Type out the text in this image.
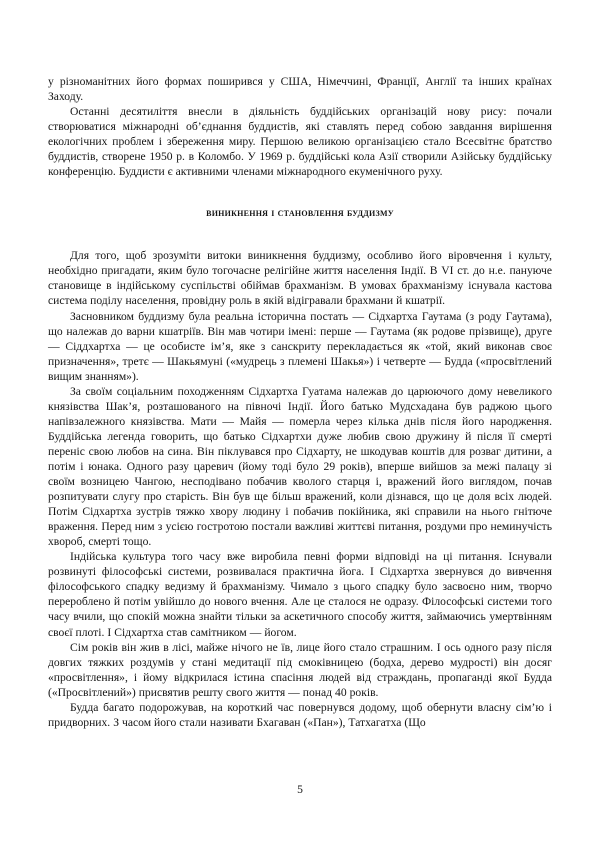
у різноманітних його формах поширився у США, Німеччині, Франції, Англії та інших країнах Заходу.

Останні десятиліття внесли в діяльність буддійських організацій нову рису: почали створюватися міжнародні об’єднання буддистів, які ставлять перед собою завдання вирішення екологічних проблем і збереження миру. Першою великою організацією стало Всесвітнє братство буддистів, створене 1950 р. в Коломбо. У 1969 р. буддійські кола Азії створили Азійську буддійську конференцію. Буддисти є активними членами міжнародного екуменічного руху.

виникнення і становлення буддизму

Для того, щоб зрозуміти витоки виникнення буддизму, особливо його віровчення і культу, необхідно пригадати, яким було тогочасне релігійне життя населення Індії. В VI ст. до н.е. пануюче становище в індійському суспільстві обіймав брахманізм. В умовах брахманізму існувала кастова система поділу населення, провідну роль в якій відігравали брахмани й кшатрії.

Засновником буддизму була реальна історична постать — Сідхартха Гаутама (з роду Гаутама), що належав до варни кшатріїв. Він мав чотири імені: перше — Гаутама (як родове прізвище), друге — Сіддхартха — це особисте ім’я, яке з санскриту перекладається як «той, який виконав своє призначення», третє — Шакьямуні («мудрець з племені Шакья») і четверте — Будда («просвітлений вищим знанням»).

За своїм соціальним походженням Сідхартха Гуатама належав до царюючого дому невеликого князівства Шак’я, розташованого на півночі Індії. Його батько Мудсхадана був раджою цього напівзалежного князівства. Мати — Майя — померла через кілька днів після його народження. Буддійська легенда говорить, що батько Сідхартхи дуже любив свою дружину й після її смерті переніс свою любов на сина. Він піклувався про Сідхарту, не шкодував коштів для розваг дитини, а потім і юнака. Одного разу царевич (йому тоді було 29 років), вперше вийшов за межі палацу зі своїм возницею Чангою, несподівано побачив кволого старця і, вражений його виглядом, почав розпитувати слугу про старість. Він був ще більш вражений, коли дізнався, що це доля всіх людей. Потім Сідхартха зустрів тяжко хвору людину і побачив покійника, які справили на нього гнітюче враження. Перед ним з усією гостротою постали важливі життєві питання, роздуми про неминучість хвороб, смерті тощо.

Індійська культура того часу вже виробила певні форми відповіді на ці питання. Існували розвинуті філософські системи, розвивалася практична йога. І Сідхартха звернувся до вивчення філософського спадку ведизму й брахманізму. Чимало з цього спадку було засвоєно ним, творчо перероблено й потім увійшло до нового вчення. Але це сталося не одразу. Філософські системи того часу вчили, що спокій можна знайти тільки за аскетичного способу життя, займаючись умертвінням своєї плоті. І Сідхартха став самітником — йогом.

Сім років він жив в лісі, майже нічого не їв, лице його стало страшним. І ось одного разу після довгих тяжких роздумів у стані медитації під смоківницею (бодха, дерево мудрості) він досяг «просвітлення», і йому відкрилася істина спасіння людей від страждань, пропаганді якої Будда («Просвітлений») присвятив решту свого життя — понад 40 років.

Будда багато подорожував, на короткий час повернувся додому, щоб обернути власну сім’ю і придворних. З часом його стали називати Бхагаван («Пан»), Татхагатха (Що

5
